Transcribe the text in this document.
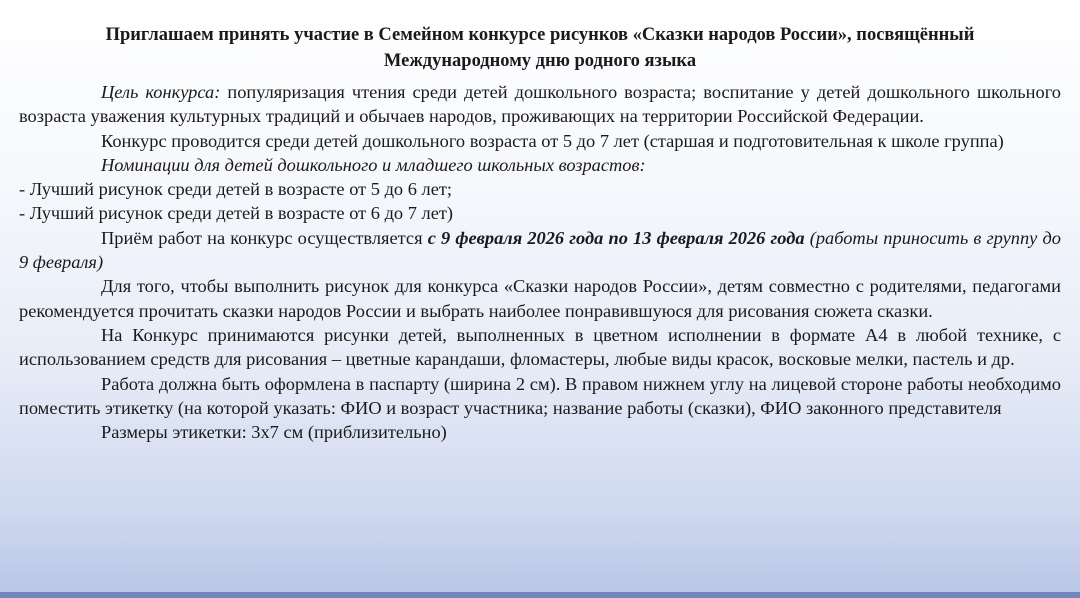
Приглашаем принять участие в Семейном конкурсе рисунков «Сказки народов России», посвящённый
Международному дню родного языка

Цель конкурса: популяризация чтения среди детей дошкольного возраста; воспитание у детей дошкольного школьного возраста уважения культурных традиций и обычаев народов, проживающих на территории Российской Федерации.

Конкурс проводится среди детей дошкольного возраста от 5 до 7 лет (старшая и подготовительная к школе группа)

Номинации для детей дошкольного и младшего школьных возрастов:

- Лучший рисунок среди детей в возрасте от 5 до 6 лет;

- Лучший рисунок среди детей в возрасте от 6 до 7 лет)

Приём работ на конкурс осуществляется с 9 февраля 2026 года по 13 февраля 2026 года (работы приносить в группу до 9 февраля)

Для того, чтобы выполнить рисунок для конкурса «Сказки народов России», детям совместно с родителями, педагогами рекомендуется прочитать сказки народов России и выбрать наиболее понравившуюся для рисования сюжета сказки.

На Конкурс принимаются рисунки детей, выполненных в цветном исполнении в формате А4 в любой технике, с использованием средств для рисования – цветные карандаши, фломастеры, любые виды красок, восковые мелки, пастель и др.

Работа должна быть оформлена в паспарту (ширина 2 см). В правом нижнем углу на лицевой стороне работы необходимо поместить этикетку (на которой указать: ФИО и возраст участника; название работы (сказки), ФИО законного представителя

Размеры этикетки: 3х7 см (приблизительно)
